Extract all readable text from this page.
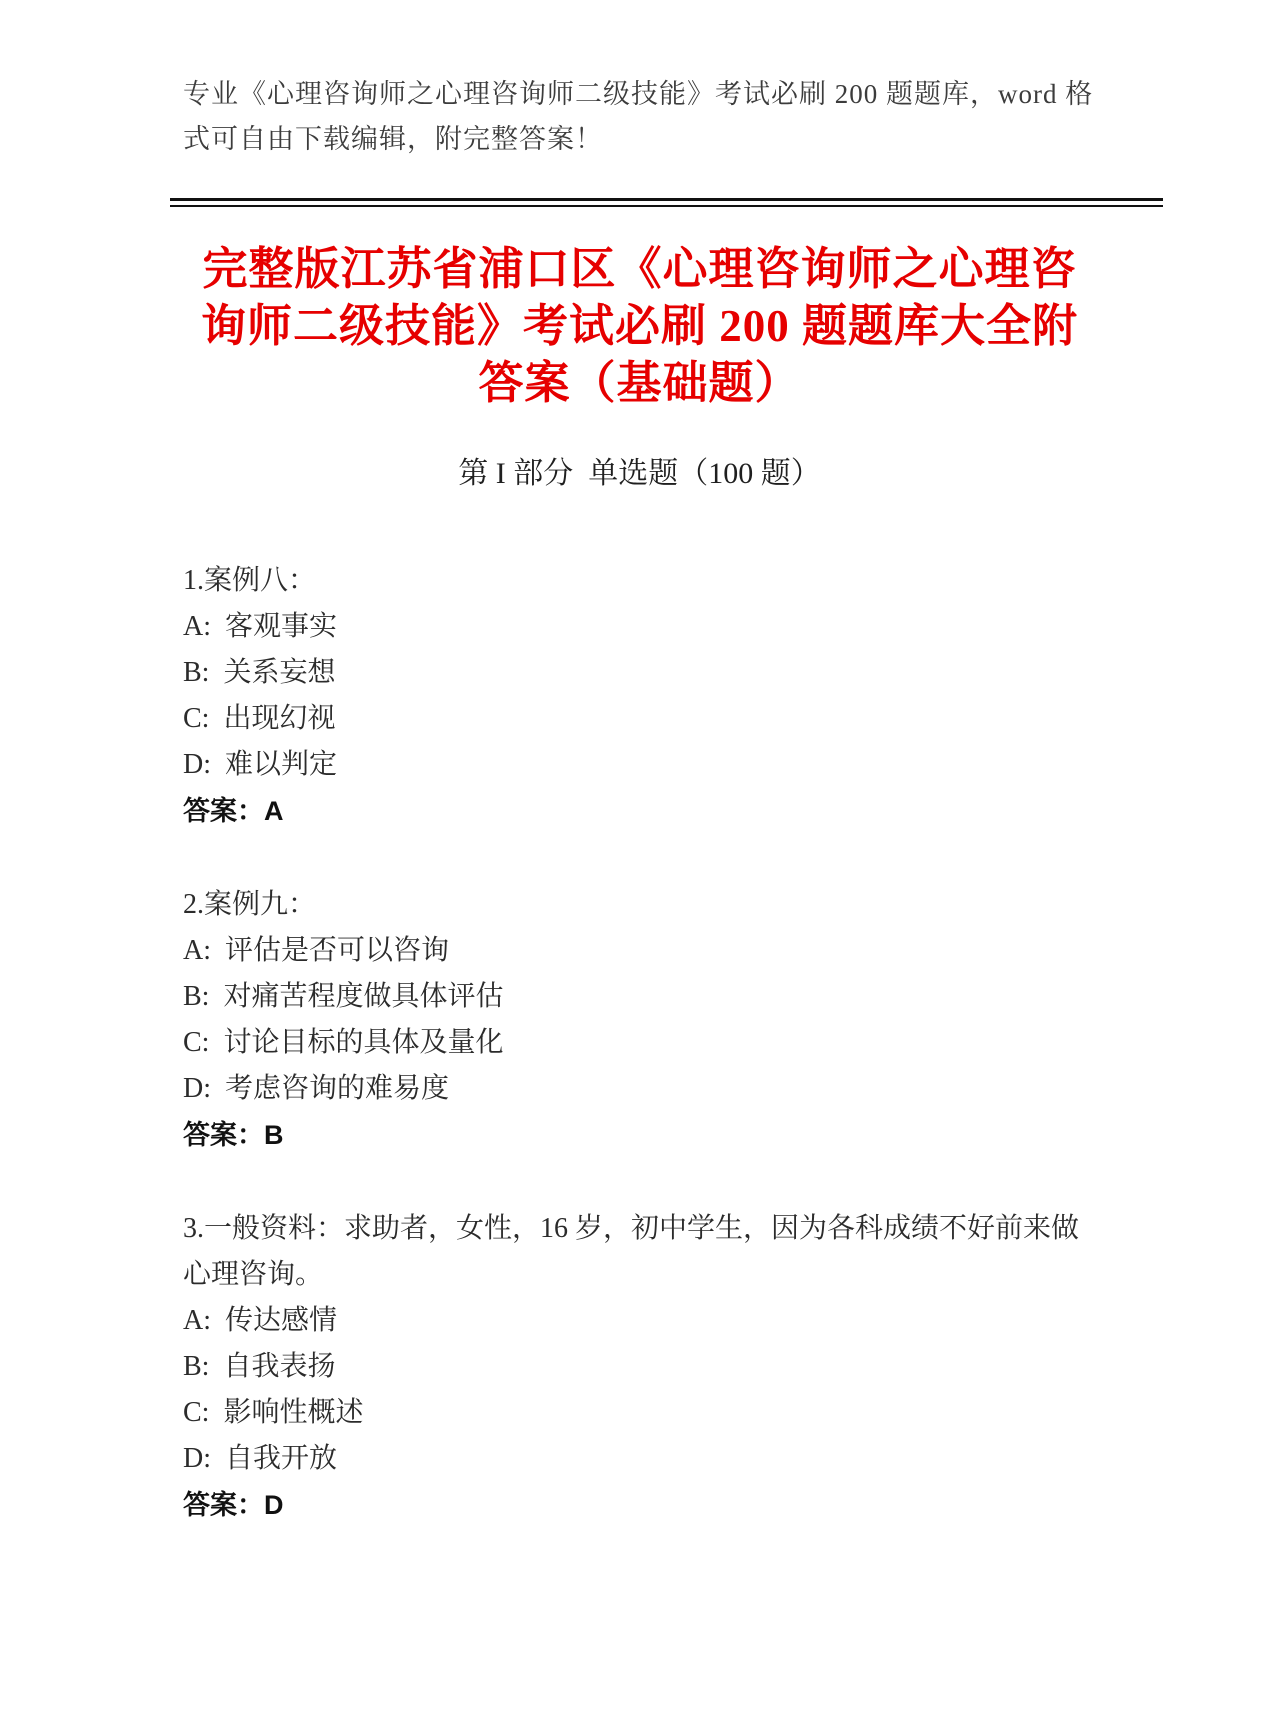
专业《心理咨询师之心理咨询师二级技能》考试必刷 200 题题库，word 格式可自由下载编辑，附完整答案！

完整版江苏省浦口区《心理咨询师之心理咨询师二级技能》考试必刷 200 题题库大全附答案（基础题）
第 I 部分  单选题（100 题）

1.案例八：

A:  客观事实

B:  关系妄想

C:  出现幻视

D:  难以判定

答案：A

2.案例九：

A:  评估是否可以咨询

B:  对痛苦程度做具体评估

C:  讨论目标的具体及量化

D:  考虑咨询的难易度

答案：B

3.一般资料：求助者，女性，16 岁，初中学生，因为各科成绩不好前来做心理咨询。

A:  传达感情

B:  自我表扬

C:  影响性概述

D:  自我开放

答案：D
